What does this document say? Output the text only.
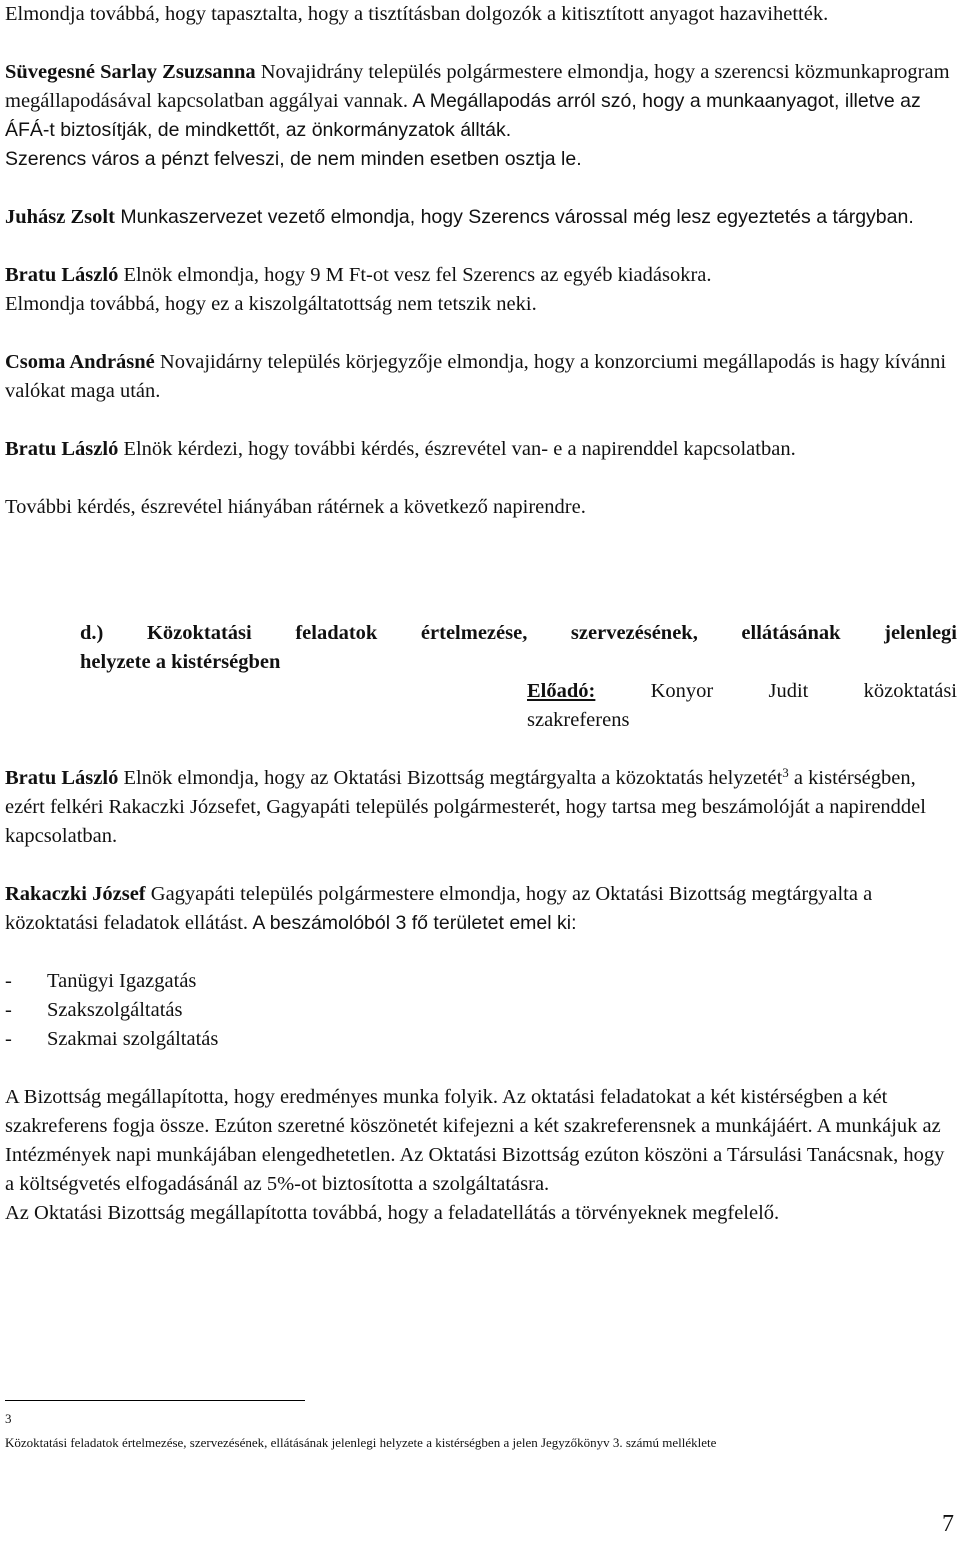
Elmondja továbbá, hogy tapasztalta, hogy a tisztításban dolgozók a kitisztított anyagot hazavihették.

Süvegesné Sarlay Zsuzsanna Novajidrány település polgármestere elmondja, hogy a szerencsi közmunkaprogram megállapodásával kapcsolatban aggályai vannak. A Megállapodás arról szó, hogy a munkaanyagot, illetve az ÁFÁ-t biztosítják, de mindkettőt, az önkormányzatok állták.
Szerencs város a pénzt felveszi, de nem minden esetben osztja le.

Juhász Zsolt Munkaszervezet vezető elmondja, hogy Szerencs várossal még lesz egyeztetés a tárgyban.

Bratu László Elnök elmondja, hogy 9 M Ft-ot vesz fel Szerencs az egyéb kiadásokra.
Elmondja továbbá, hogy ez a kiszolgáltatottság nem tetszik neki.

Csoma Andrásné Novajidárny település körjegyzője elmondja, hogy a konzorciumi megállapodás is hagy kívánni valókat maga után.

Bratu László Elnök kérdezi, hogy további kérdés, észrevétel van- e a napirenddel kapcsolatban.

További kérdés, észrevétel hiányában rátérnek a következő napirendre.

d.) Közoktatási feladatok értelmezése, szervezésének, ellátásának jelenlegi
helyzete a kistérségben
Előadó: Konyor Judit közoktatási
szakreferens

Bratu László Elnök elmondja, hogy az Oktatási Bizottság megtárgyalta a közoktatás helyzetét$^3$ a kistérségben, ezért felkéri Rakaczki Józsefet, Gagyapáti település polgármesterét, hogy tartsa meg beszámolóját a napirenddel kapcsolatban.

Rakaczki József Gagyapáti település polgármestere elmondja, hogy az Oktatási Bizottság megtárgyalta a közoktatási feladatok ellátást. A beszámolóból 3 fő területet emel ki:

- Tanügyi Igazgatás
- Szakszolgáltatás
- Szakmai szolgáltatás

A Bizottság megállapította, hogy eredményes munka folyik. Az oktatási feladatokat a két kistérségben a két szakreferens fogja össze. Ezúton szeretné köszönetét kifejezni a két szakreferensnek a munkájáért. A munkájuk az Intézmények napi munkájában elengedhetetlen. Az Oktatási Bizottság ezúton köszöni a Társulási Tanácsnak, hogy a költségvetés elfogadásánál az 5%-ot biztosította a szolgáltatásra.

Az Oktatási Bizottság megállapította továbbá, hogy a feladatellátás a törvényeknek megfelelő.

3
Közoktatási feladatok értelmezése, szervezésének, ellátásának jelenlegi helyzete a kistérségben a jelen Jegyzőkönyv 3. számú melléklete
7
